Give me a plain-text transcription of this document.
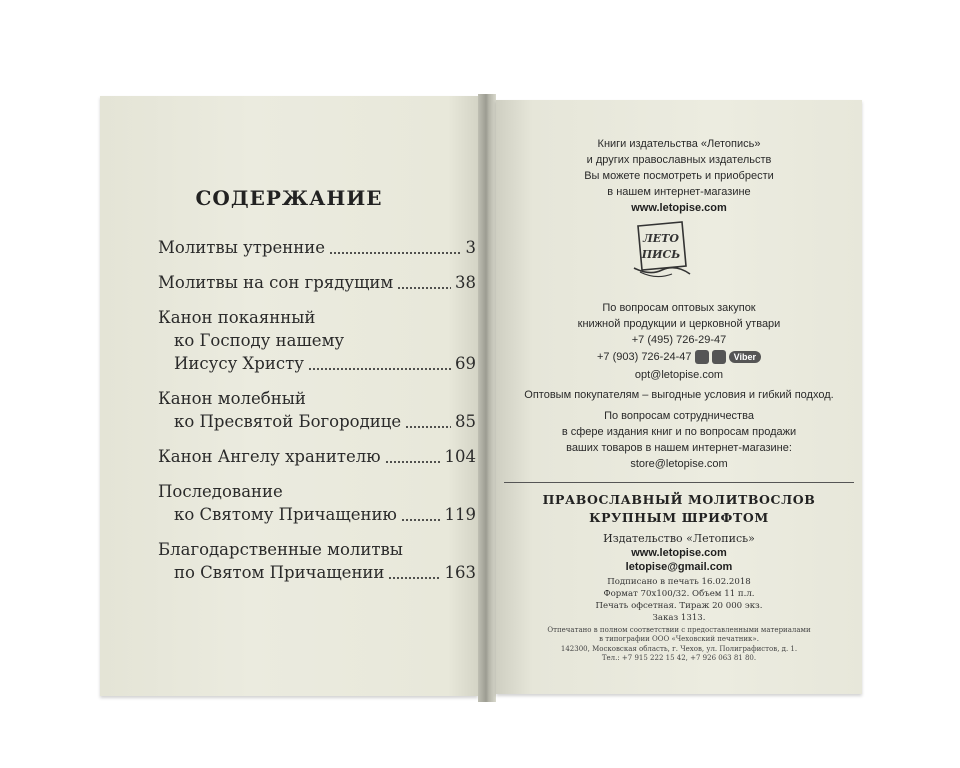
СОДЕРЖАНИЕ
Молитвы утренние	3
Молитвы на сон грядущим	38
Канон покаянный
ко Господу нашему
Иисусу Христу	69
Канон молебный
ко Пресвятой Богородице	85
Канон Ангелу хранителю	104
Последование
ко Святому Причащению	119
Благодарственные молитвы
по Святом Причащении	163
Книги издательства «Летопись»
и других православных издательств
Вы можете посмотреть и приобрести
в нашем интернет-магазине
www.letopise.com
ЛЕТО
ПИСЬ
По вопросам оптовых закупок
книжной продукции и церковной утвари
+7 (495) 726-29-47
+7 (903) 726-24-47	Viber
opt@letopise.com
Оптовым покупателям – выгодные условия и гибкий подход.
По вопросам сотрудничества
в сфере издания книг и по вопросам продажи
ваших товаров в нашем интернет-магазине:
store@letopise.com
ПРАВОСЛАВНЫЙ МОЛИТВОСЛОВ
КРУПНЫМ ШРИФТОМ
Издательство «Летопись»
www.letopise.com
letopise@gmail.com
Подписано в печать 16.02.2018
Формат 70х100/32. Объем 11 п.л.
Печать офсетная. Тираж 20 000 экз.
Заказ 1313.
Отпечатано в полном соответствии с предоставленными материалами
в типографии ООО «Чеховский печатник».
142300, Московская область, г. Чехов, ул. Полиграфистов, д. 1.
Тел.: +7 915 222 15 42, +7 926 063 81 80.
